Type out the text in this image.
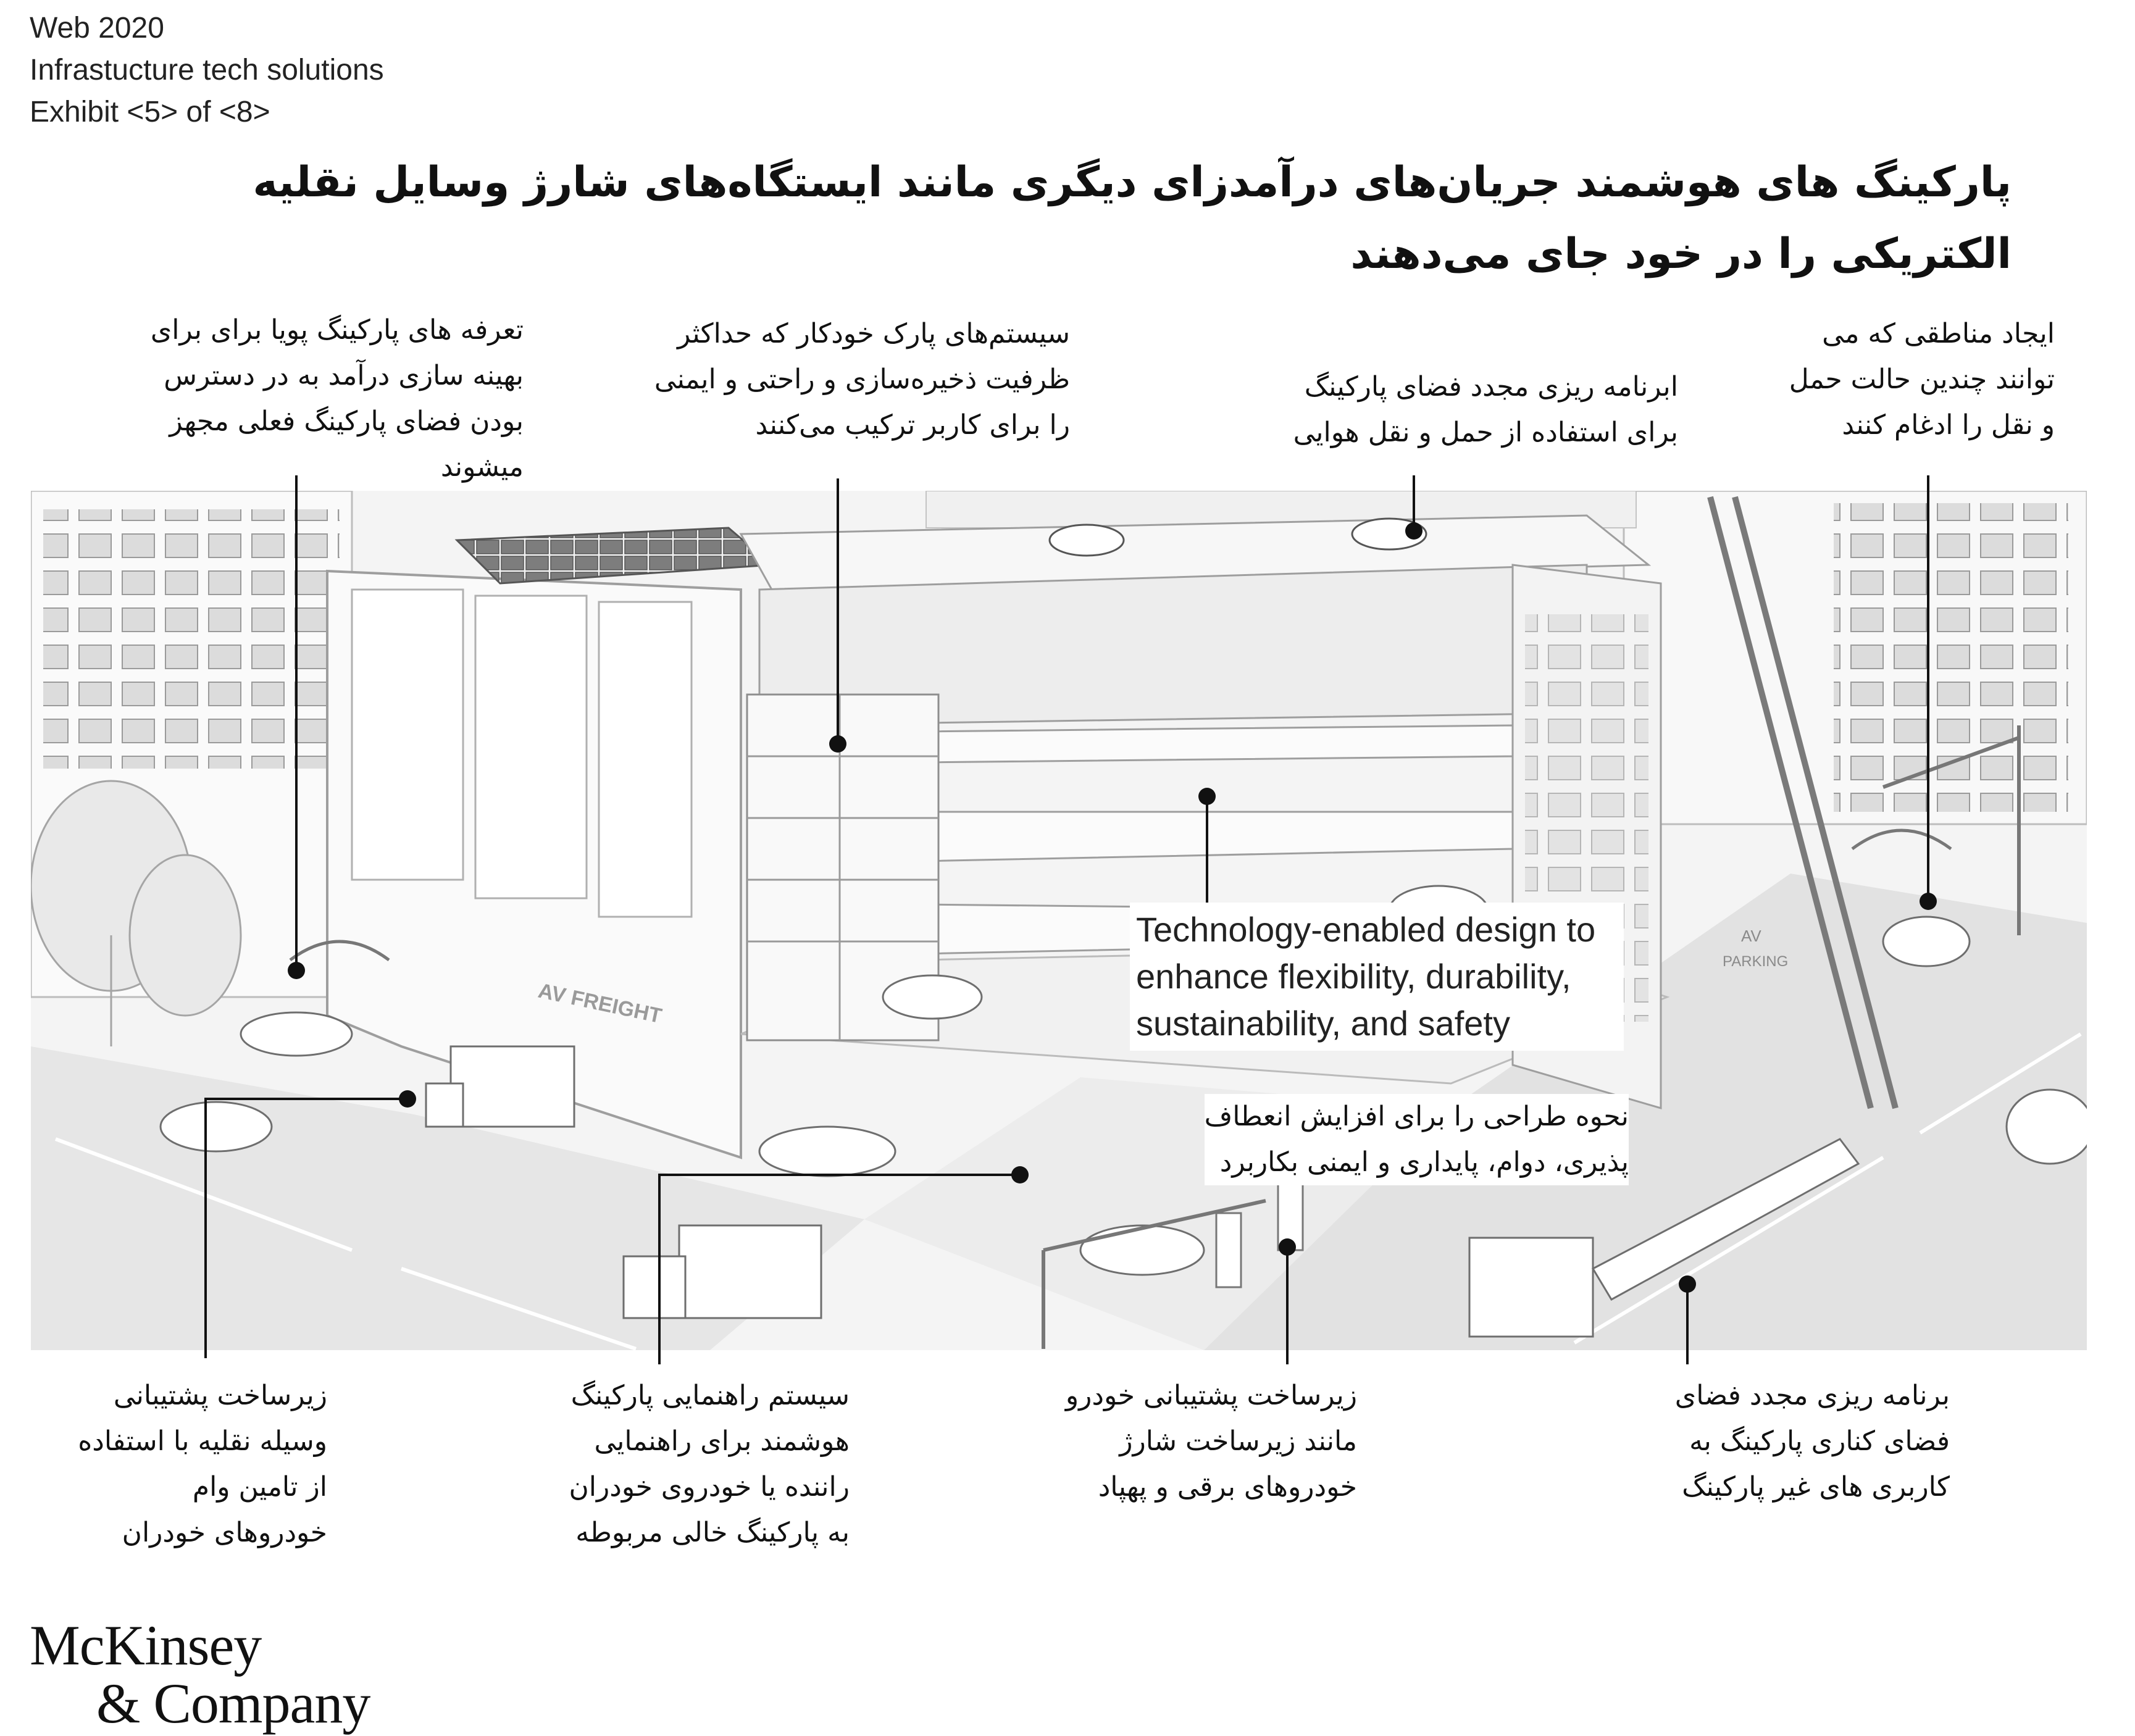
Web 2020
Infrastucture tech solutions
Exhibit <5> of <8>
پارکینگ های هوشمند جریان‌های درآمدزای دیگری مانند ایستگاه‌های شارژ وسایل نقلیه
الکتریکی را در خود جای می‌دهند
AV FREIGHT
AV
PARKING
Technology-enabled design to
enhance flexibility, durability,
sustainability, and safety
تعرفه های پارکینگ پویا برای برای
بهینه سازی درآمد به در دسترس
بودن فضای پارکینگ فعلی مجهز
میشوند
سیستم‌های پارک خودکار که حداکثر
ظرفیت ذخیره‌سازی و راحتی و ایمنی
را برای کاربر ترکیب می‌کنند
ابرنامه ریزی مجدد فضای پارکینگ
برای استفاده از حمل و نقل هوایی
ایجاد مناطقی که می
توانند چندین حالت حمل
و نقل را ادغام کنند
نحوه طراحی را برای افزایش انعطاف
پذیری، دوام، پایداری و ایمنی بکاربرد
زیرساخت پشتیبانی
وسیله نقلیه با استفاده
از تامین وام
خودروهای خودران
سیستم راهنمایی پارکینگ
هوشمند برای راهنمایی
راننده یا خودروی خودران
به پارکینگ خالی مربوطه
زیرساخت پشتیبانی خودرو
مانند زیرساخت شارژ
خودروهای برقی و پهپاد
برنامه ریزی مجدد فضای
فضای کناری پارکینگ به
کاربری های غیر پارکینگ
McKinsey
& Company
